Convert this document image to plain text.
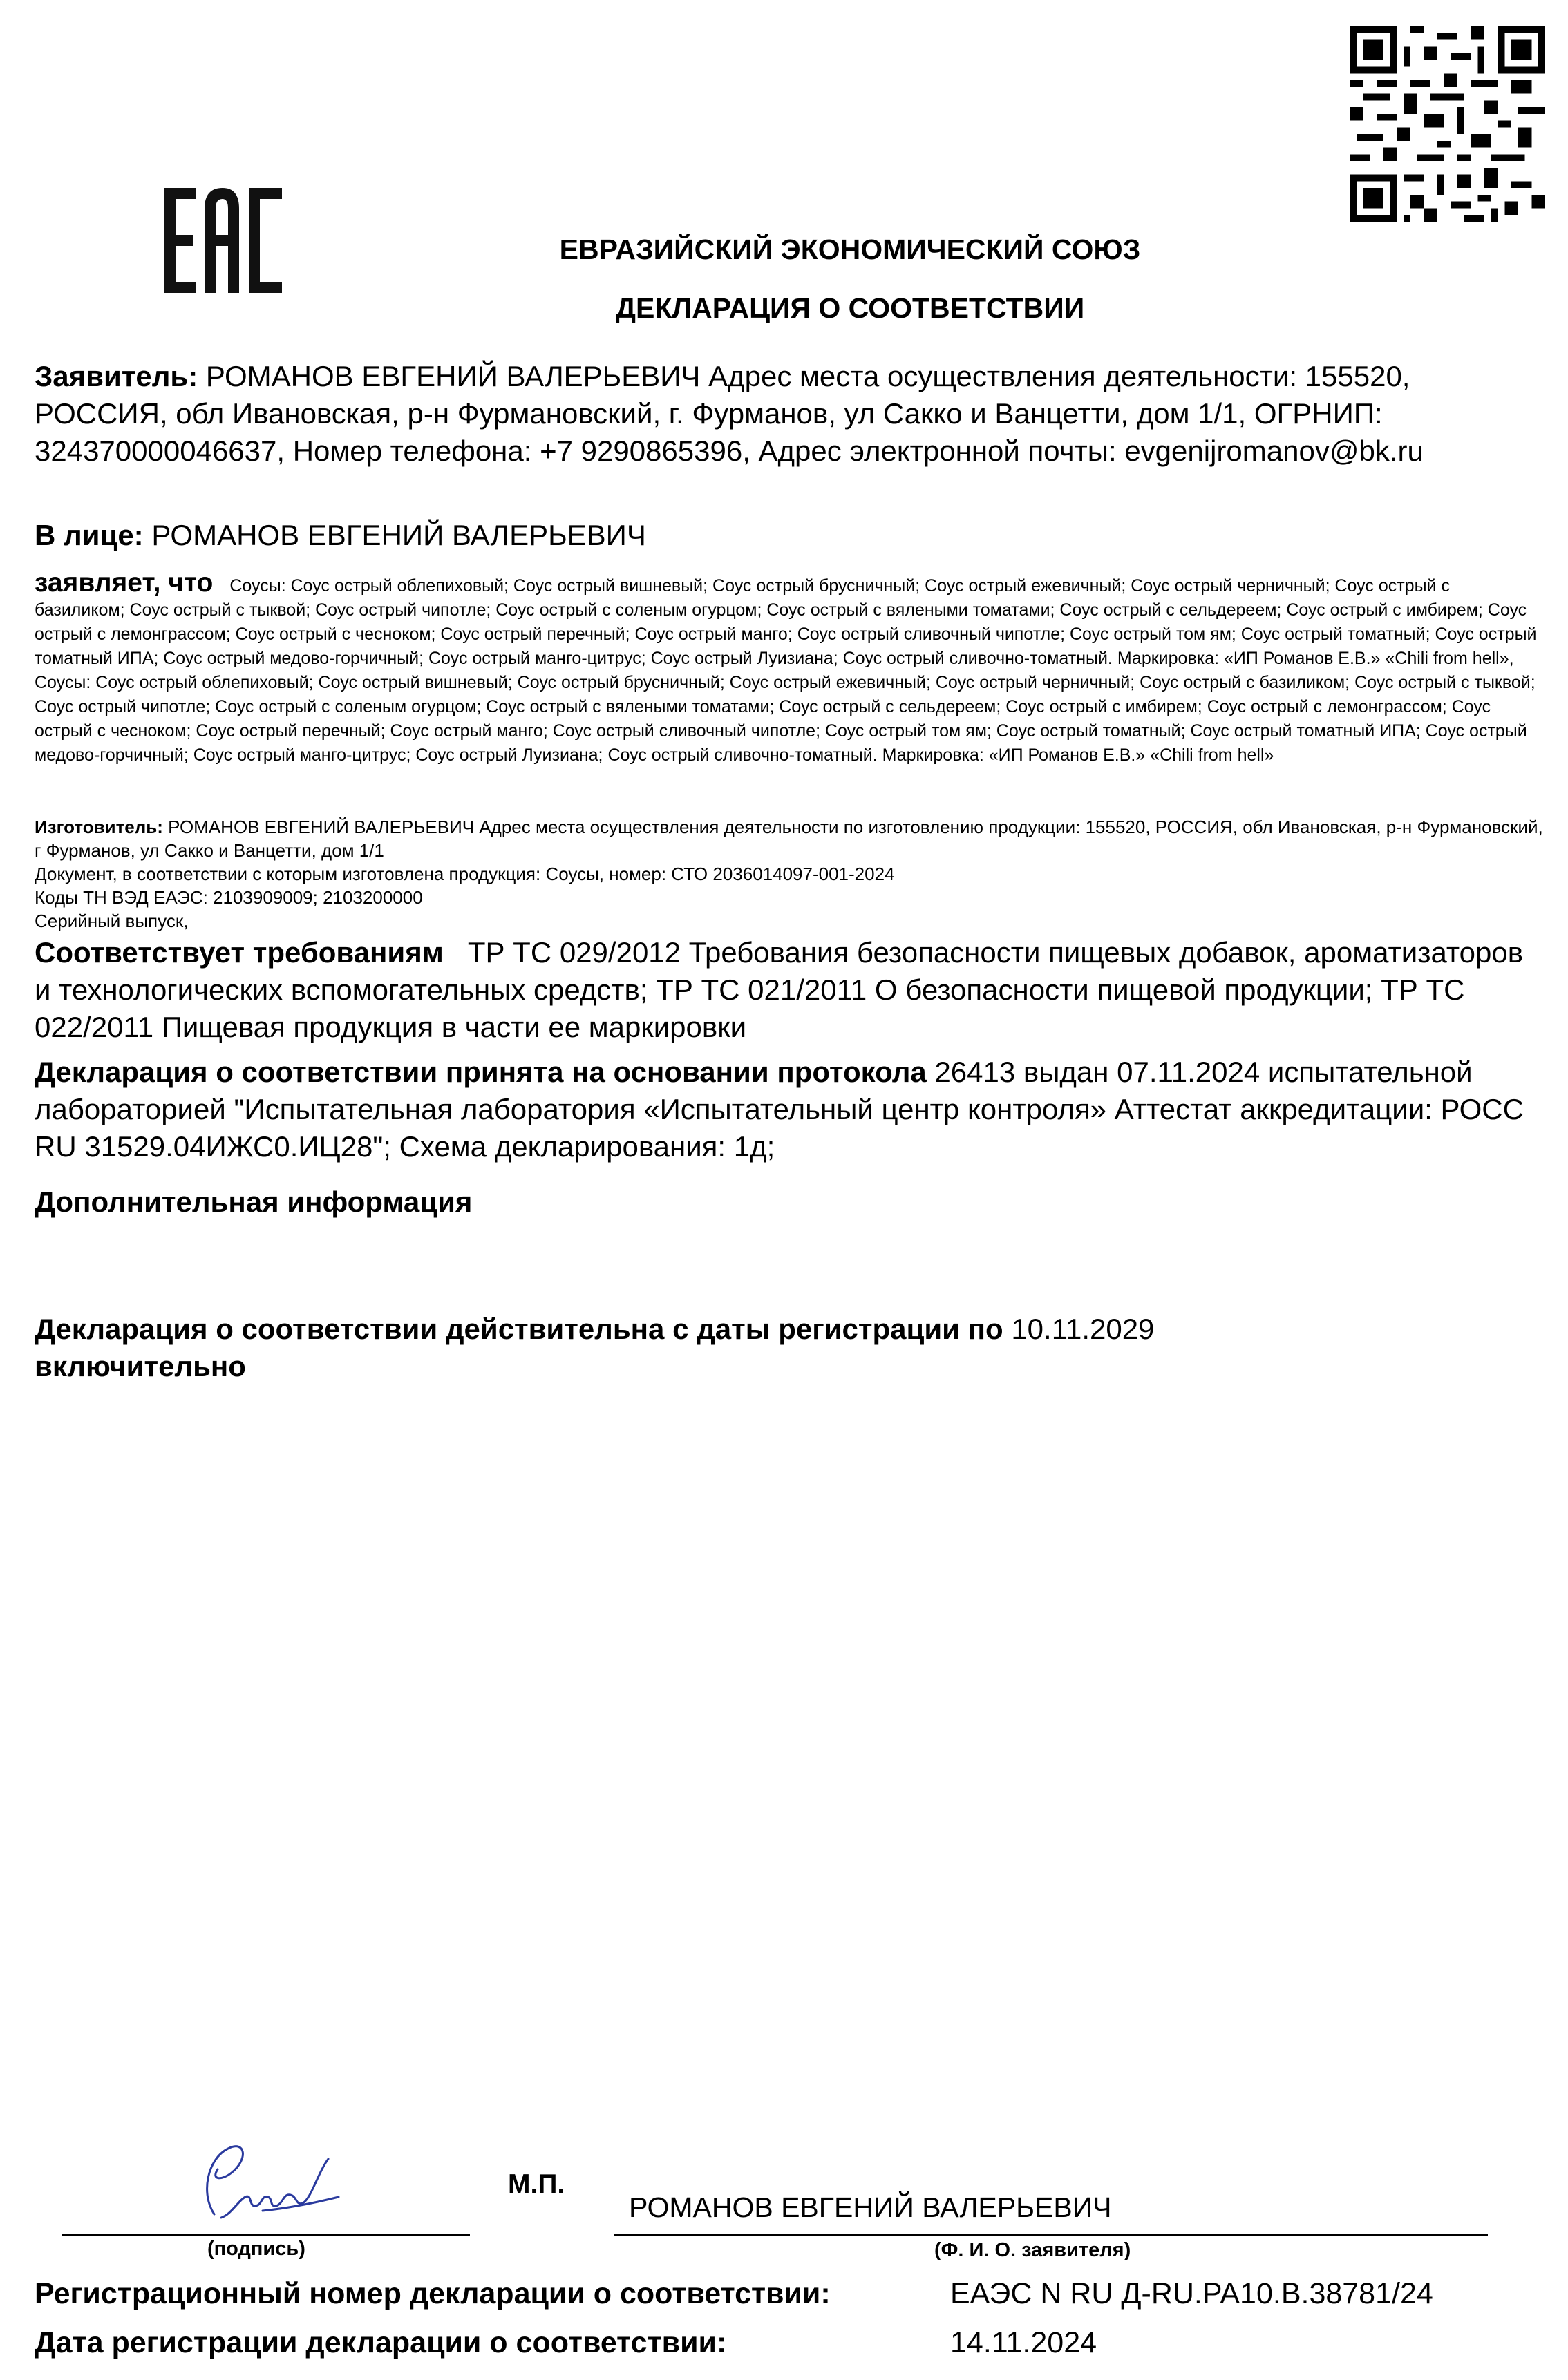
ЕВРАЗИЙСКИЙ ЭКОНОМИЧЕСКИЙ СОЮЗ
ДЕКЛАРАЦИЯ О СООТВЕТСТВИИ
Заявитель: РОМАНОВ ЕВГЕНИЙ ВАЛЕРЬЕВИЧ Адрес места осуществления деятельности: 155520, РОССИЯ, обл Ивановская, р-н Фурмановский, г. Фурманов, ул Сакко и Ванцетти, дом 1/1, ОГРНИП: 324370000046637, Номер телефона: +7 9290865396, Адрес электронной почты: evgenijromanov@bk.ru
В лице: РОМАНОВ ЕВГЕНИЙ ВАЛЕРЬЕВИЧ
заявляет, что Соусы: Соус острый облепиховый; Соус острый вишневый; Соус острый брусничный; Соус острый ежевичный; Соус острый черничный; Соус острый с базиликом; Соус острый с тыквой; Соус острый чипотле; Соус острый с соленым огурцом; Соус острый с вялеными томатами; Соус острый с сельдереем; Соус острый с имбирем; Соус острый с лемонграссом; Соус острый с чесноком; Соус острый перечный; Соус острый манго; Соус острый сливочный чипотле; Соус острый том ям; Соус острый томатный; Соус острый томатный ИПА; Соус острый медово-горчичный; Соус острый манго-цитрус; Соус острый Луизиана; Соус острый сливочно-томатный. Маркировка: «ИП Романов Е.В.» «Chili from hell», Соусы: Соус острый облепиховый; Соус острый вишневый; Соус острый брусничный; Соус острый ежевичный; Соус острый черничный; Соус острый с базиликом; Соус острый с тыквой; Соус острый чипотле; Соус острый с соленым огурцом; Соус острый с вялеными томатами; Соус острый с сельдереем; Соус острый с имбирем; Соус острый с лемонграссом; Соус острый с чесноком; Соус острый перечный; Соус острый манго; Соус острый сливочный чипотле; Соус острый том ям; Соус острый томатный; Соус острый томатный ИПА; Соус острый медово-горчичный; Соус острый манго-цитрус; Соус острый Луизиана; Соус острый сливочно-томатный. Маркировка: «ИП Романов Е.В.» «Chili from hell»
Изготовитель: РОМАНОВ ЕВГЕНИЙ ВАЛЕРЬЕВИЧ Адрес места осуществления деятельности по изготовлению продукции: 155520, РОССИЯ, обл Ивановская, р-н Фурмановский, г Фурманов, ул Сакко и Ванцетти, дом 1/1
Документ, в соответствии с которым изготовлена продукция: Соусы, номер: СТО 2036014097-001-2024
Коды ТН ВЭД ЕАЭС: 2103909009; 2103200000
Серийный выпуск,
Соответствует требованиям ТР ТС 029/2012 Требования безопасности пищевых добавок, ароматизаторов и технологических вспомогательных средств; ТР ТС 021/2011 О безопасности пищевой продукции; ТР ТС 022/2011 Пищевая продукция в части ее маркировки
Декларация о соответствии принята на основании протокола 26413 выдан 07.11.2024 испытательной лабораторией "Испытательная лаборатория «Испытательный центр контроля» Аттестат аккредитации: РОСС RU 31529.04ИЖС0.ИЦ28"; Схема декларирования: 1д;
Дополнительная информация
Декларация о соответствии действительна с даты регистрации по 10.11.2029
включительно
М.П.
РОМАНОВ ЕВГЕНИЙ ВАЛЕРЬЕВИЧ
(подпись)	(Ф. И. О. заявителя)
Регистрационный номер декларации о соответствии:	ЕАЭС N RU Д-RU.PA10.B.38781/24
Дата регистрации декларации о соответствии:	14.11.2024
